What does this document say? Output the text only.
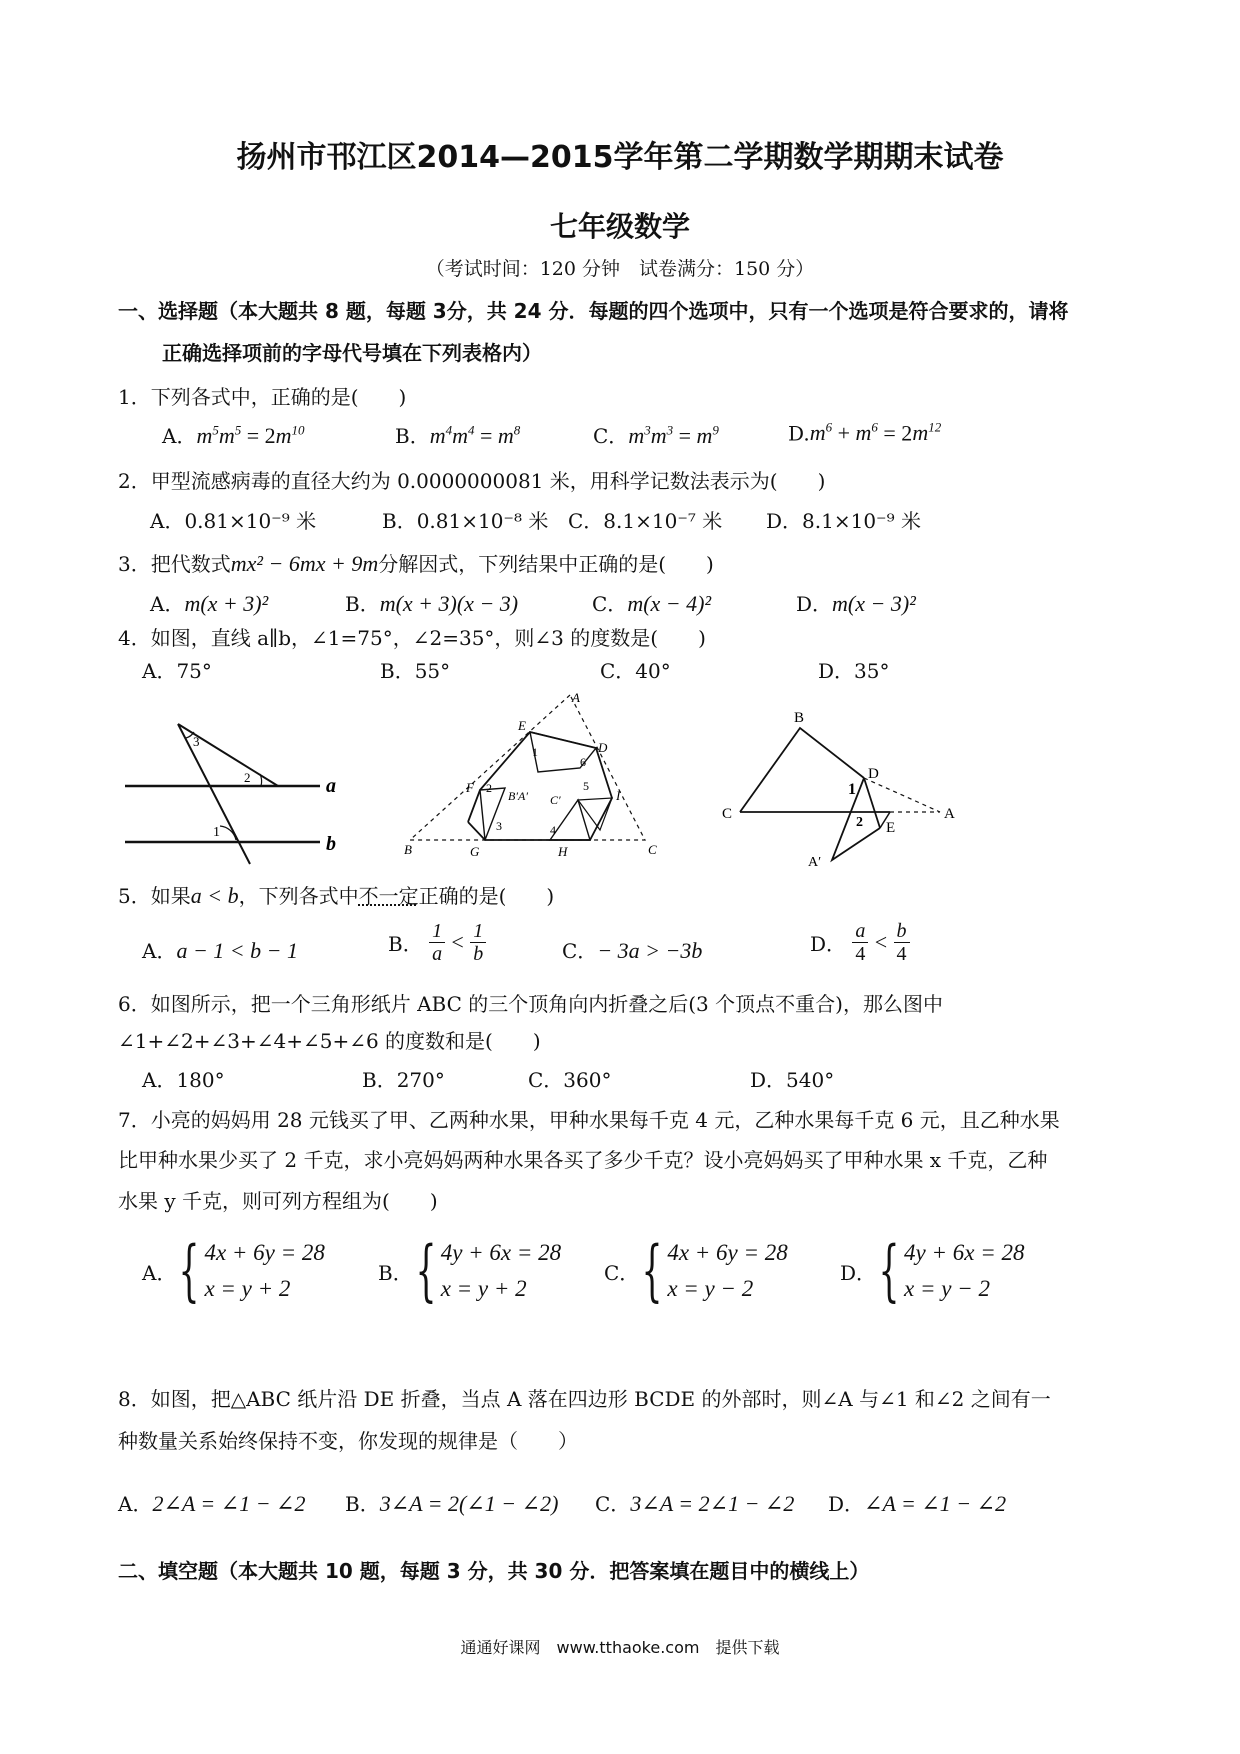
扬州市邗江区2014—2015学年第二学期数学期期末试卷
七年级数学
（考试时间：120 分钟　试卷满分：150 分）
一、选择题（本大题共 8 题，每题 3分，共 24 分．每题的四个选项中，只有一个选项是符合要求的，请将
正确选择项前的字母代号填在下列表格内）
1．下列各式中，正确的是(　　)
A．$m^5m^5 = 2m^{10}$	B．$m^4m^4 = m^8$	C．$m^3m^3 = m^9$	$D.m^6 + m^6 = 2m^{12}$
2．甲型流感病毒的直径大约为 0.0000000081 米，用科学记数法表示为(　　)
A．0.81×10⁻⁹ 米	B．0.81×10⁻⁸ 米 C．8.1×10⁻⁷ 米 D．8.1×10⁻⁹ 米
3．把代数式mx² − 6mx + 9m分解因式，下列结果中正确的是(　　)
A．m(x + 3)²	B．m(x + 3)(x − 3)	C．m(x − 4)²	D．m(x − 3)²
4．如图，直线 a∥b，∠1=75°，∠2=35°，则∠3 的度数是(　　)
A．75°	B．55°	C．40°	D．35°
3
2
1
a
b
A
E
D
A′
F
B′	C′	I
B	G	H	C
1
2
3	4
5
6
B
D
C	A
E
A′
1
2
5．如果a < b，下列各式中不一定正确的是(　　)
A．a − 1 < b − 1	B． $\frac{1}{a} < \frac{1}{b}$	C．− 3a > −3b	D． $\frac{a}{4} < \frac{b}{4}$
6．如图所示，把一个三角形纸片 ABC 的三个顶角向内折叠之后(3 个顶点不重合)，那么图中
∠1+∠2+∠3+∠4+∠5+∠6 的度数和是(　　)
A．180°	B．270°	C．360°	D．540°
7．小亮的妈妈用 28 元钱买了甲、乙两种水果，甲种水果每千克 4 元，乙种水果每千克 6 元，且乙种水果
比甲种水果少买了 2 千克，求小亮妈妈两种水果各买了多少千克？设小亮妈妈买了甲种水果 x 千克，乙种
水果 y 千克，则可列方程组为(　　)
A． { 4x + 6y = 28
x = y + 2
B． { 4y + 6x = 28
x = y + 2
C． { 4x + 6y = 28
x = y − 2
D． { 4y + 6x = 28
x = y − 2
8．如图，把△ABC 纸片沿 DE 折叠，当点 A 落在四边形 BCDE 的外部时，则∠A 与∠1 和∠2 之间有一
种数量关系始终保持不变，你发现的规律是（　　）
A．2∠A = ∠1 − ∠2 B．3∠A = 2(∠1 − ∠2) C．3∠A = 2∠1 − ∠2 D．∠A = ∠1 − ∠2
二、填空题（本大题共 10 题，每题 3 分，共 30 分．把答案填在题目中的横线上）
通通好课网　www.tthaoke.com　提供下载
